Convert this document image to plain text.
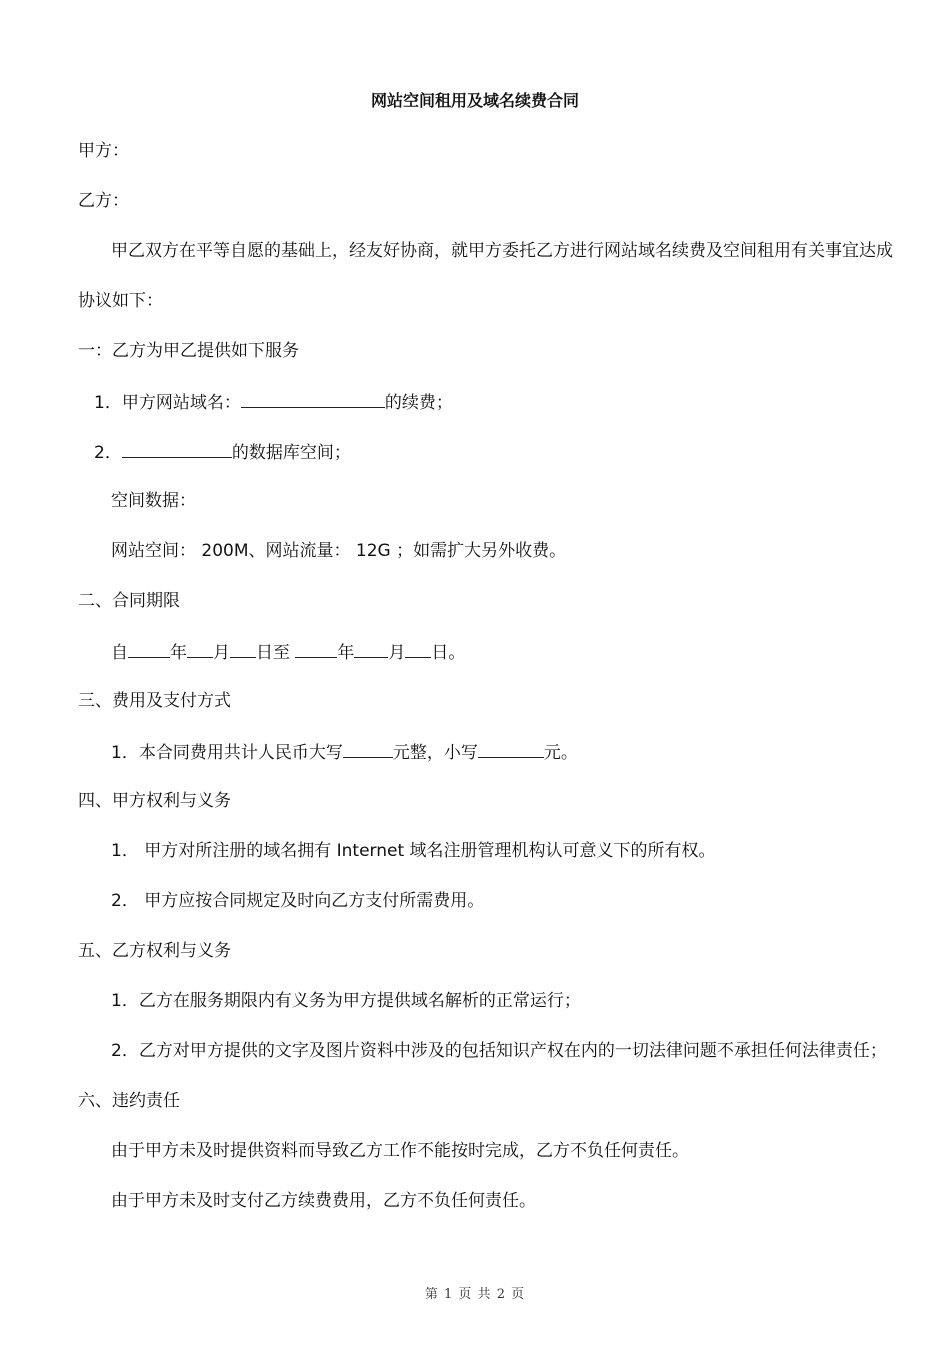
网站空间租用及域名续费合同
甲方：
乙方：
甲乙双方在平等自愿的基础上，经友好协商，就甲方委托乙方进行网站域名续费及空间租用有关事宜达成
协议如下：
一：乙方为甲乙提供如下服务
1．甲方网站域名：	的续费；
2．	的数据库空间；
空间数据：
网站空间： 200M、网站流量： 12G ；如需扩大另外收费。
二、合同期限
自 年 月 日至	年 月 日。
三、费用及支付方式
1．本合同费用共计人民币大写	元整，小写	元。
四、甲方权利与义务
1． 甲方对所注册的域名拥有 Internet 域名注册管理机构认可意义下的所有权。
2． 甲方应按合同规定及时向乙方支付所需费用。
五、乙方权利与义务
1．乙方在服务期限内有义务为甲方提供域名解析的正常运行；
2．乙方对甲方提供的文字及图片资料中涉及的包括知识产权在内的一切法律问题不承担任何法律责任；
六、违约责任
由于甲方未及时提供资料而导致乙方工作不能按时完成，乙方不负任何责任。
由于甲方未及时支付乙方续费费用，乙方不负任何责任。
第 1 页 共 2 页
